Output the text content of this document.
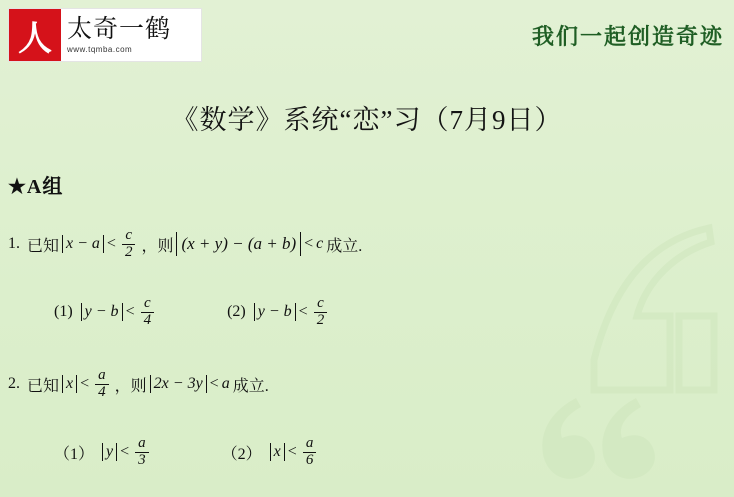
人 太奇一鹤
www.tqmba.com	我们一起创造奇迹
《数学》系统“恋”习（7月9日）
★A组
1. 已知 $x - a < \frac{c}{2}$ ，则 (x + y) − (a + b) < c 成立.
(1) $y - b < \frac{c}{4}$	(2) $y - b < \frac{c}{2}$
2. 已知 $x < \frac{a}{4}$ ，则 2x − 3y < a 成立.
（1） $y < \frac{a}{3}$	（2） $x < \frac{a}{6}$
